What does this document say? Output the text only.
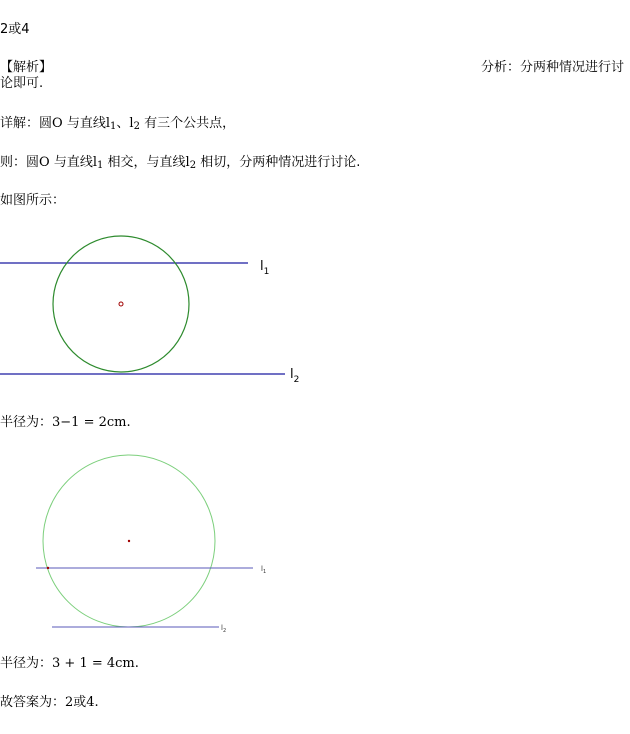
2或4
【解析】	分析：分两种情况进行讨
论即可.
详解：圆O 与直线l1、l2 有三个公共点，
则：圆O 与直线l1 相交，与直线l2 相切，分两种情况进行讨论.
如图所示：
$l_1$
$l_2$
半径为：3−1 = 2cm.
$l_1$
$l_2$
半径为：3 + 1 = 4cm.
故答案为：2或4.
